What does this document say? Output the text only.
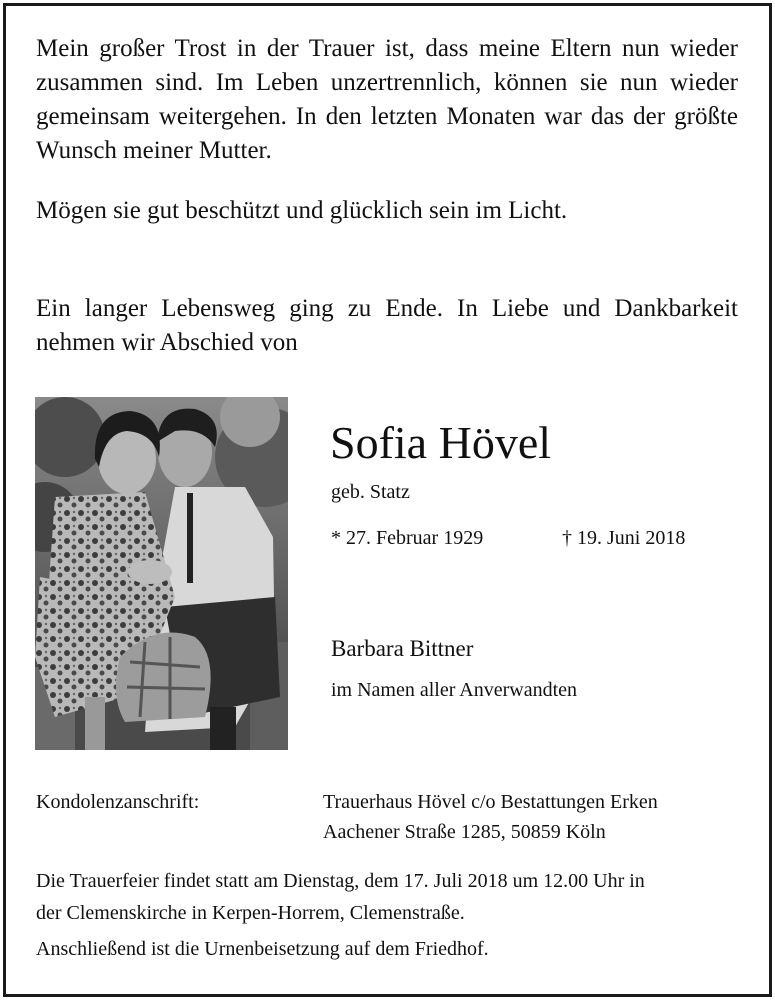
Mein großer Trost in der Trauer ist, dass meine Eltern nun wieder zusammen sind. Im Leben unzertrennlich, können sie nun wieder gemeinsam weitergehen. In den letzten Monaten war das der größte Wunsch meiner Mutter.

Mögen sie gut beschützt und glücklich sein im Licht.

Ein langer Lebensweg ging zu Ende. In Liebe und Dankbarkeit nehmen wir Abschied von

Sofia Hövel

geb. Statz

* 27. Februar 1929	† 19. Juni 2018

Barbara Bittner

im Namen aller Anverwandten

Kondolenzanschrift:	Trauerhaus Hövel c/o Bestattungen Erken

Aachener Straße 1285, 50859 Köln

Die Trauerfeier findet statt am Dienstag, dem 17. Juli 2018 um 12.00 Uhr in

der Clemenskirche in Kerpen-Horrem, Clemenstraße.

Anschließend ist die Urnenbeisetzung auf dem Friedhof.
